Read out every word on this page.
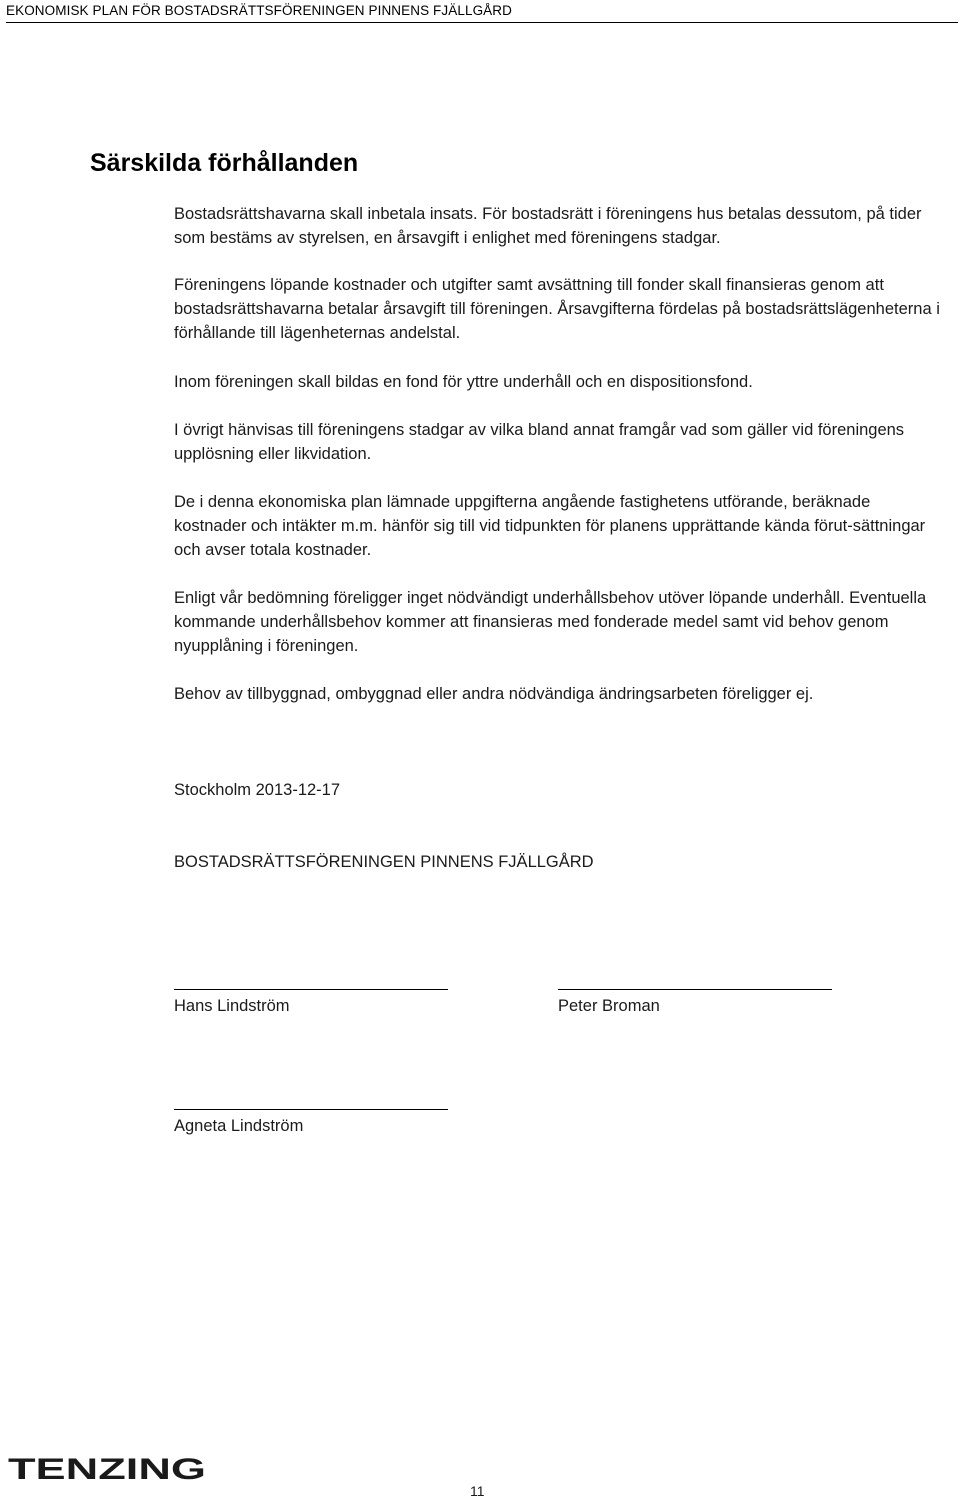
EKONOMISK PLAN FÖR BOSTADSRÄTTSFÖRENINGEN PINNENS FJÄLLGÅRD
Särskilda förhållanden
Bostadsrättshavarna skall inbetala insats. För bostadsrätt i föreningens hus betalas dessutom, på tider som bestäms av styrelsen, en årsavgift i enlighet med föreningens stadgar.
Föreningens löpande kostnader och utgifter samt avsättning till fonder skall finansieras genom att bostadsrättshavarna betalar årsavgift till föreningen. Årsavgifterna fördelas på bostadsrättslägenheterna i förhållande till lägenheternas andelstal.
Inom föreningen skall bildas en fond för yttre underhåll och en dispositionsfond.
I övrigt hänvisas till föreningens stadgar av vilka bland annat framgår vad som gäller vid föreningens upplösning eller likvidation.
De i denna ekonomiska plan lämnade uppgifterna angående fastighetens utförande, beräknade kostnader och intäkter m.m. hänför sig till vid tidpunkten för planens upprättande kända förut-sättningar och avser totala kostnader.
Enligt vår bedömning föreligger inget nödvändigt underhållsbehov utöver löpande underhåll. Eventuella kommande underhållsbehov kommer att finansieras med fonderade medel samt vid behov genom nyupplåning i föreningen.
Behov av tillbyggnad, ombyggnad eller andra nödvändiga ändringsarbeten föreligger ej.
Stockholm 2013-12-17
BOSTADSRÄTTSFÖRENINGEN PINNENS FJÄLLGÅRD
Hans Lindström	Peter Broman
Agneta Lindström
TENZING
11
